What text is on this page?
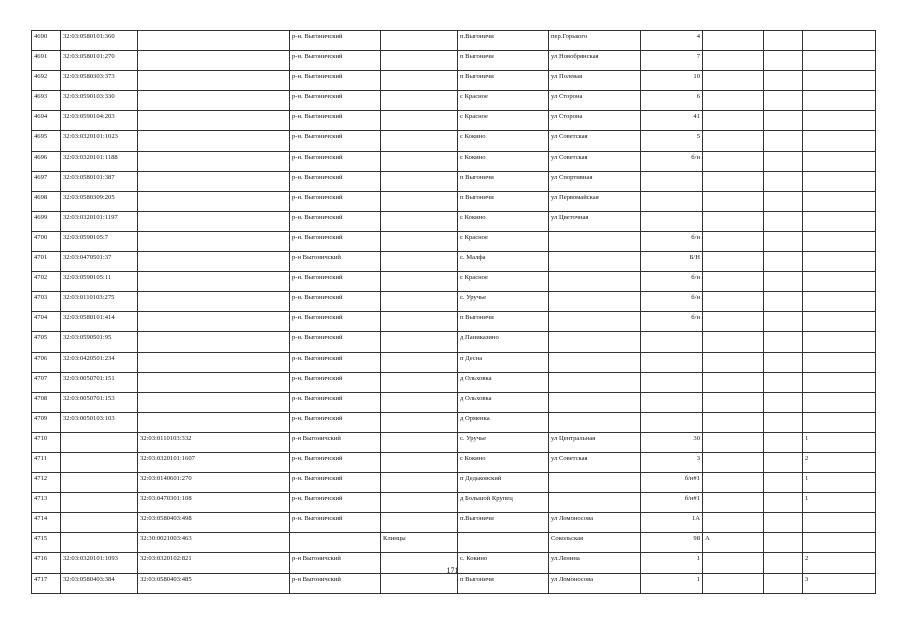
4690	32:03:0580101:360		р-н. Выгоничский		п.Выгоничи	пер.Горького	4			
4691	32:03:0580101:270		р-н. Выгоничский		п Выгоничи	ул Новобрянская	7			
4692	32:03:0580303:373		р-н. Выгоничский		п Выгоничи	ул Полевая	10			
4693	32:03:0590103:330		р-н. Выгоничский		с Красное	ул Сторона	6			
4694	32:03:0590104:203		р-н. Выгоничский		с Красное	ул Сторона	41			
4695	32:03:0320101:1023		р-н. Выгоничский		с Кокино	ул Советская	5			
4696	32:03:0320101:1188		р-н. Выгоничский		с Кокино	ул Советская	б/н			
4697	32:03:0580101:387		р-н. Выгоничский		п Выгоничи	ул Спортивная				
4698	32:03:0580309:205		р-н. Выгоничский		п Выгоничи	ул Первомайская				
4699	32:03:0320101:1197		р-н. Выгоничский		с Кокино	ул Цветочная				
4700	32:03:0590105:7		р-н. Выгоничский		с Красное		б/н			
4701	32:03:0470501:37		р-н Выгоничский		с. Малфа		Б/Н			
4702	32:03:0590105:11		р-н. Выгоничский		с Красное		б/н			
4703	32:03:0110103:275		р-н. Выгоничский		с. Уручье		б/н			
4704	32:03:0580101:414		р-н. Выгоничский		п Выгоничи		б/н			
4705	32:03:0590501:95		р-н. Выгоничский		д Паниказино					
4706	32:03:0420501:234		р-н. Выгоничский		п Десна					
4707	32:03:0050701:151		р-н. Выгоничский		д Ольховка					
4708	32:03:0050701:153		р-н. Выгоничский		д Ольховка					
4709	32:03:0050103:103		р-н. Выгоничский		д Орменка					
4710		32:03:0110103:332	р-н Выгоничский		с. Уручье	ул Центральная	30			1
4711		32:03:0320101:1607	р-н. Выгоничский		с Кокино	ул Советская	3			2
4712		32:03:0140601:270	р-н. Выгоничский		п Дедьковский		б/н#1			1
4713		32:03:0470301:108	р-н. Выгоничский		д Большой Крупец		б/н#1			1
4714		32:03:0580403:498	р-н. Выгоничский		п.Выгоничи	ул Ломоносова	1А			
4715		32:30:0021003:463		Клинцы		Сокольская	98	А		
4716	32:03:0320101:1093	32:03:0320102:821	р-н Выгоничский		с. Кокино	ул.Ленина	1			2
4717	32:03:0580403:384	32:03:0580403:485	р-н Выгоничский		п Выгоничи	ул Ломоносова	1			3
171
